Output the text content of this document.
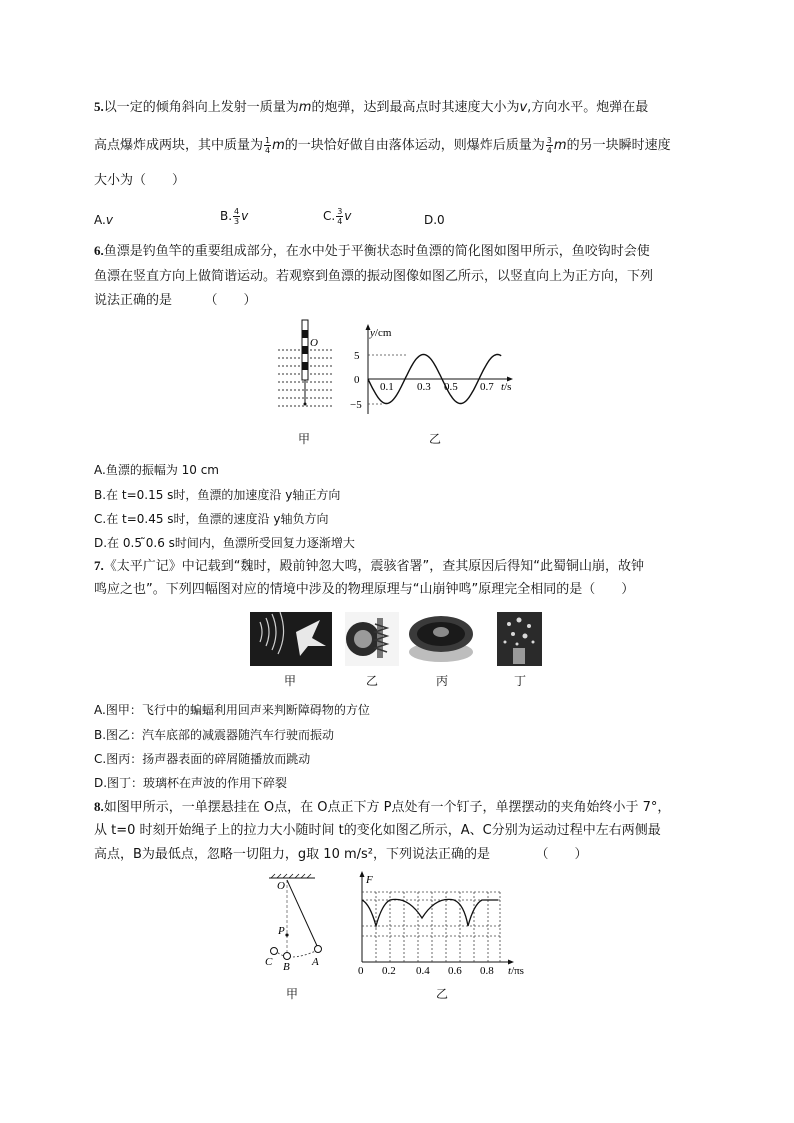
5.以一定的倾角斜向上发射一质量为m的炮弹，达到最高点时其速度大小为v,方向水平。炮弹在最
高点爆炸成两块，其中质量为 $\frac{1}{4}$ m的一块恰好做自由落体运动，则爆炸后质量为 $\frac{3}{4}$ m的另一块瞬时速度
大小为（　　）
A.v	B. $\frac{4}{3}$ v	C. $\frac{3}{4}$ v	D.0
6.鱼漂是钓鱼竿的重要组成部分，在水中处于平衡状态时鱼漂的简化图如图甲所示，鱼咬钩时会使
鱼漂在竖直方向上做简谐运动。若观察到鱼漂的振动图像如图乙所示，以竖直向上为正方向，下列
说法正确的是　　　（　　）
O
甲
y/cm
t/s
5
0
−5
0.1 0.3 0.5 0.7
乙
A.鱼漂的振幅为 10 cm
B.在 t=0.15 s时，鱼漂的加速度沿 y轴正方向
C.在 t=0.45 s时，鱼漂的速度沿 y轴负方向
D.在 0.5 ̃0.6 s时间内，鱼漂所受回复力逐渐增大
7.《太平广记》中记载到“魏时，殿前钟忽大鸣，震骇省署”，查其原因后得知“此蜀铜山崩，故钟
鸣应之也”。下列四幅图对应的情境中涉及的物理原理与“山崩钟鸣”原理完全相同的是（　　）
甲	乙	丙	丁
A.图甲：飞行中的蝙蝠利用回声来判断障碍物的方位
B.图乙：汽车底部的减震器随汽车行驶而振动
C.图丙：扬声器表面的碎屑随播放而跳动
D.图丁：玻璃杯在声波的作用下碎裂
8.如图甲所示，一单摆悬挂在 O点，在 O点正下方 P点处有一个钉子，单摆摆动的夹角始终小于 7°，
从 t=0 时刻开始绳子上的拉力大小随时间 t的变化如图乙所示，A、C分别为运动过程中左右两侧最
高点，B为最低点，忽略一切阻力，g取 10 m/s²，下列说法正确的是　　　　（　　）
O
P
A
B
C
甲
F
t/πs
0 0.2 0.4 0.6 0.8
乙
